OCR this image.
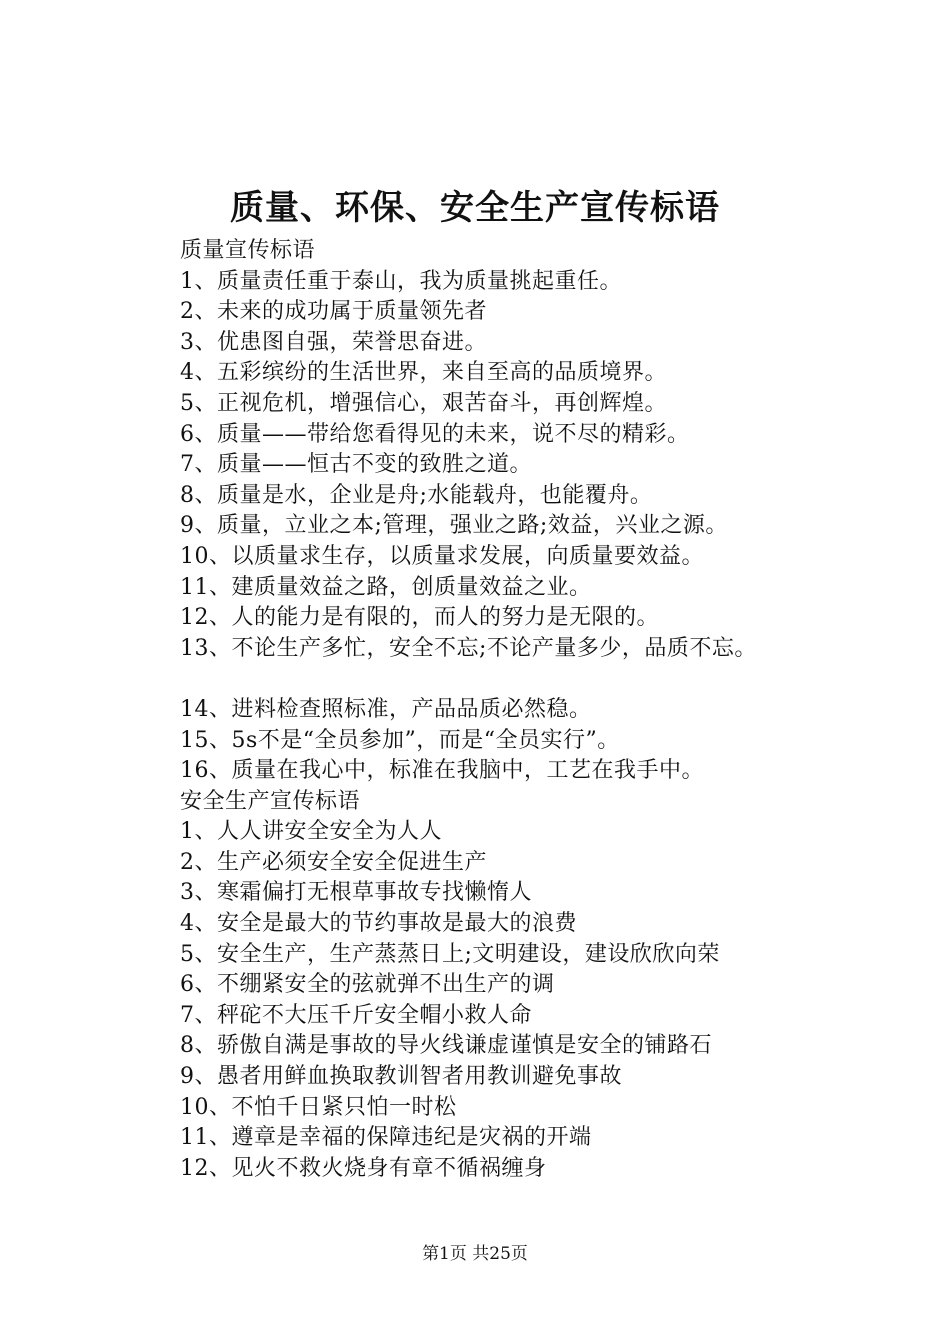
质量、环保、安全生产宣传标语
质量宣传标语
1、质量责任重于泰山，我为质量挑起重任。
2、未来的成功属于质量领先者
3、优患图自强，荣誉思奋进。
4、五彩缤纷的生活世界，来自至高的品质境界。
5、正视危机，增强信心，艰苦奋斗，再创辉煌。
6、质量——带给您看得见的未来，说不尽的精彩。
7、质量——恒古不变的致胜之道。
8、质量是水，企业是舟;水能载舟，也能覆舟。
9、质量，立业之本;管理，强业之路;效益，兴业之源。
10、以质量求生存，以质量求发展，向质量要效益。
11、建质量效益之路，创质量效益之业。
12、人的能力是有限的，而人的努力是无限的。
13、不论生产多忙，安全不忘;不论产量多少，品质不忘。
14、进料检查照标准，产品品质必然稳。
15、5s不是“全员参加”，而是“全员实行”。
16、质量在我心中，标准在我脑中，工艺在我手中。
安全生产宣传标语
1、人人讲安全安全为人人
2、生产必须安全安全促进生产
3、寒霜偏打无根草事故专找懒惰人
4、安全是最大的节约事故是最大的浪费
5、安全生产，生产蒸蒸日上;文明建设，建设欣欣向荣
6、不绷紧安全的弦就弹不出生产的调
7、秤砣不大压千斤安全帽小救人命
8、骄傲自满是事故的导火线谦虚谨慎是安全的铺路石
9、愚者用鲜血换取教训智者用教训避免事故
10、不怕千日紧只怕一时松
11、遵章是幸福的保障违纪是灾祸的开端
12、见火不救火烧身有章不循祸缠身
第1页 共25页
